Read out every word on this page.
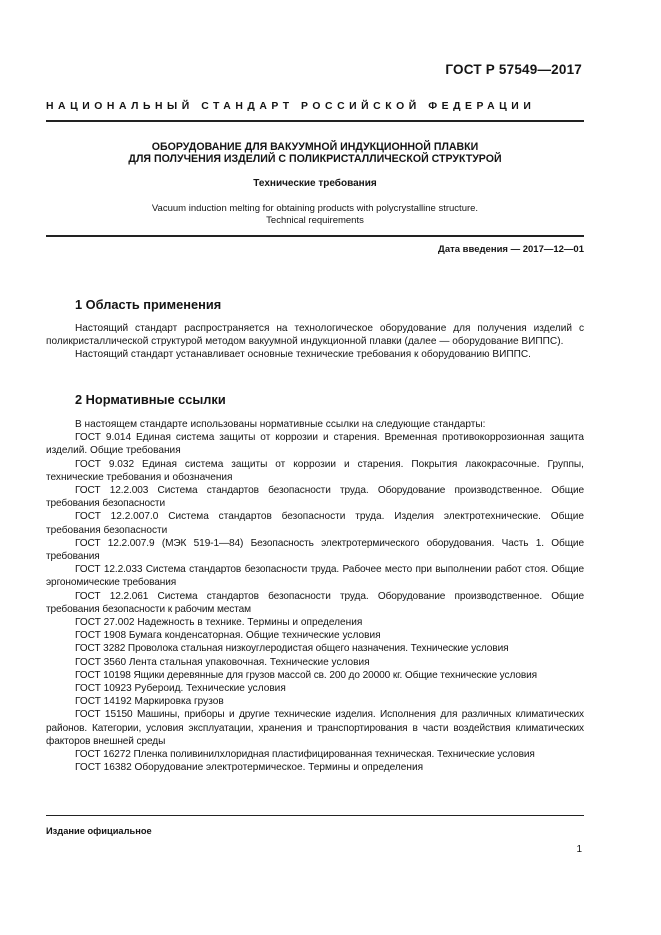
ГОСТ Р 57549—2017
НАЦИОНАЛЬНЫЙ СТАНДАРТ РОССИЙСКОЙ ФЕДЕРАЦИИ
ОБОРУДОВАНИЕ ДЛЯ ВАКУУМНОЙ ИНДУКЦИОННОЙ ПЛАВКИ
ДЛЯ ПОЛУЧЕНИЯ ИЗДЕЛИЙ С ПОЛИКРИСТАЛЛИЧЕСКОЙ СТРУКТУРОЙ
Технические требования
Vacuum induction melting for obtaining products with polycrystalline structure.
Technical requirements
Дата введения — 2017—12—01
1 Область применения

Настоящий стандарт распространяется на технологическое оборудование для получения изделий с поликристаллической структурой методом вакуумной индукционной плавки (далее — оборудование ВИППС).

Настоящий стандарт устанавливает основные технические требования к оборудованию ВИППС.

2 Нормативные ссылки

В настоящем стандарте использованы нормативные ссылки на следующие стандарты:

ГОСТ 9.014 Единая система защиты от коррозии и старения. Временная противокоррозионная защита изделий. Общие требования

ГОСТ 9.032 Единая система защиты от коррозии и старения. Покрытия лакокрасочные. Группы, технические требования и обозначения

ГОСТ 12.2.003 Система стандартов безопасности труда. Оборудование производственное. Общие требования безопасности

ГОСТ 12.2.007.0 Система стандартов безопасности труда. Изделия электротехнические. Общие требования безопасности

ГОСТ 12.2.007.9 (МЭК 519-1—84) Безопасность электротермического оборудования. Часть 1. Общие требования

ГОСТ 12.2.033 Система стандартов безопасности труда. Рабочее место при выполнении работ стоя. Общие эргономические требования

ГОСТ 12.2.061 Система стандартов безопасности труда. Оборудование производственное. Общие требования безопасности к рабочим местам

ГОСТ 27.002 Надежность в технике. Термины и определения

ГОСТ 1908 Бумага конденсаторная. Общие технические условия

ГОСТ 3282 Проволока стальная низкоуглеродистая общего назначения. Технические условия

ГОСТ 3560 Лента стальная упаковочная. Технические условия

ГОСТ 10198 Ящики деревянные для грузов массой св. 200 до 20000 кг. Общие технические условия

ГОСТ 10923 Рубероид. Технические условия

ГОСТ 14192 Маркировка грузов

ГОСТ 15150 Машины, приборы и другие технические изделия. Исполнения для различных климатических районов. Категории, условия эксплуатации, хранения и транспортирования в части воздействия климатических факторов внешней среды

ГОСТ 16272 Пленка поливинилхлоридная пластифицированная техническая. Технические условия

ГОСТ 16382 Оборудование электротермическое. Термины и определения

Издание официальное
1
